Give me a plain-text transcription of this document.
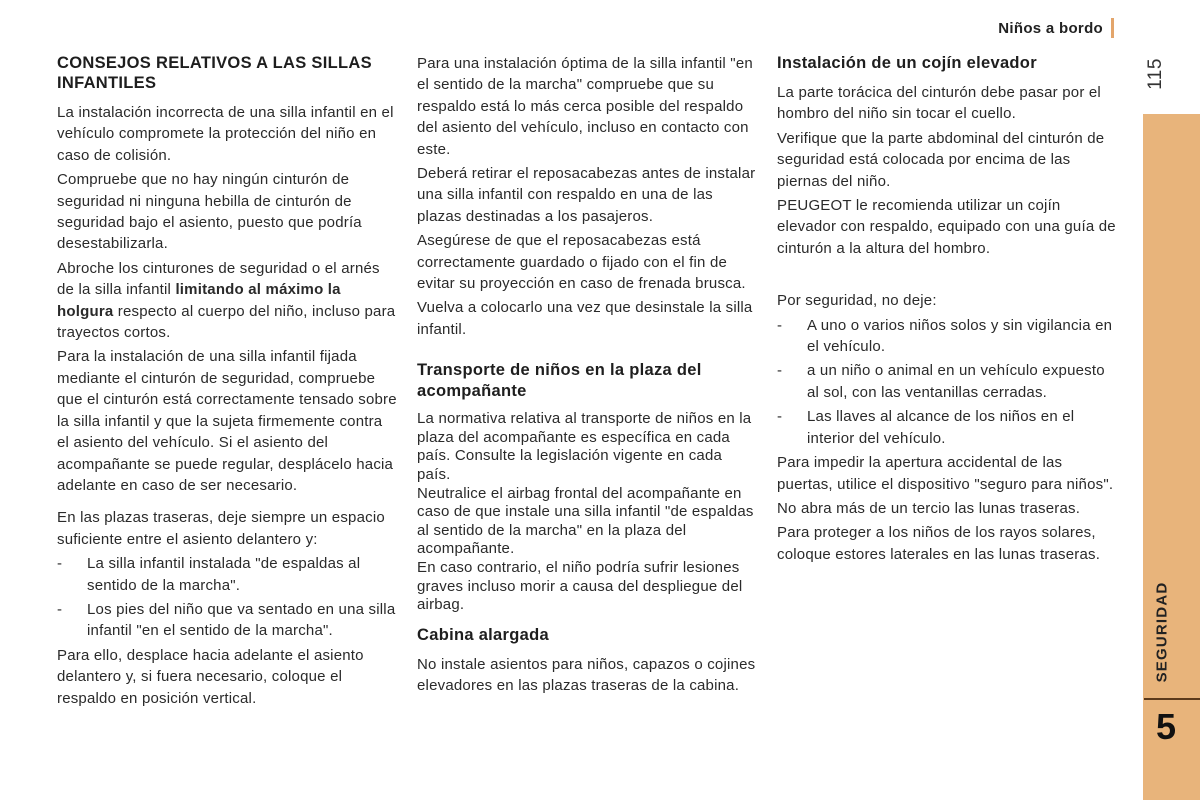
Niños a bordo
115
SEGURIDAD
5
CONSEJOS RELATIVOS A LAS SILLAS INFANTILES

La instalación incorrecta de una silla infantil en el vehículo compromete la protección del niño en caso de colisión.

Compruebe que no hay ningún cinturón de seguridad ni ninguna hebilla de cinturón de seguridad bajo el asiento, puesto que podría desestabilizarla.

Abroche los cinturones de seguridad o el arnés de la silla infantil limitando al máximo la holgura respecto al cuerpo del niño, incluso para trayectos cortos.

Para la instalación de una silla infantil fijada mediante el cinturón de seguridad, compruebe que el cinturón está correctamente tensado sobre la silla infantil y que la sujeta firmemente contra el asiento del vehículo. Si el asiento del acompañante se puede regular, desplácelo hacia adelante en caso de ser necesario.

En las plazas traseras, deje siempre un espacio suficiente entre el asiento delantero y:

- La silla infantil instalada "de espaldas al sentido de la marcha".
- Los pies del niño que va sentado en una silla infantil "en el sentido de la marcha".

Para ello, desplace hacia adelante el asiento delantero y, si fuera necesario, coloque el respaldo en posición vertical.

Para una instalación óptima de la silla infantil "en el sentido de la marcha" compruebe que su respaldo está lo más cerca posible del respaldo del asiento del vehículo, incluso en contacto con este.

Deberá retirar el reposacabezas antes de instalar una silla infantil con respaldo en una de las plazas destinadas a los pasajeros.

Asegúrese de que el reposacabezas está correctamente guardado o fijado con el fin de evitar su proyección en caso de frenada brusca.

Vuelva a colocarlo una vez que desinstale la silla infantil.

Transporte de niños en la plaza del acompañante

La normativa relativa al transporte de niños en la plaza del acompañante es específica en cada país. Consulte la legislación vigente en cada país.

Neutralice el airbag frontal del acompañante en caso de que instale una silla infantil "de espaldas al sentido de la marcha" en la plaza del acompañante.

En caso contrario, el niño podría sufrir lesiones graves incluso morir a causa del despliegue del airbag.

Cabina alargada

No instale asientos para niños, capazos o cojines elevadores en las plazas traseras de la cabina.

Instalación de un cojín elevador

La parte torácica del cinturón debe pasar por el hombro del niño sin tocar el cuello.

Verifique que la parte abdominal del cinturón de seguridad está colocada por encima de las piernas del niño.

PEUGEOT le recomienda utilizar un cojín elevador con respaldo, equipado con una guía de cinturón a la altura del hombro.

Por seguridad, no deje:

- A uno o varios niños solos y sin vigilancia en el vehículo.
- a un niño o animal en un vehículo expuesto al sol, con las ventanillas cerradas.
- Las llaves al alcance de los niños en el interior del vehículo.

Para impedir la apertura accidental de las puertas, utilice el dispositivo "seguro para niños".

No abra más de un tercio las lunas traseras.

Para proteger a los niños de los rayos solares, coloque estores laterales en las lunas traseras.
